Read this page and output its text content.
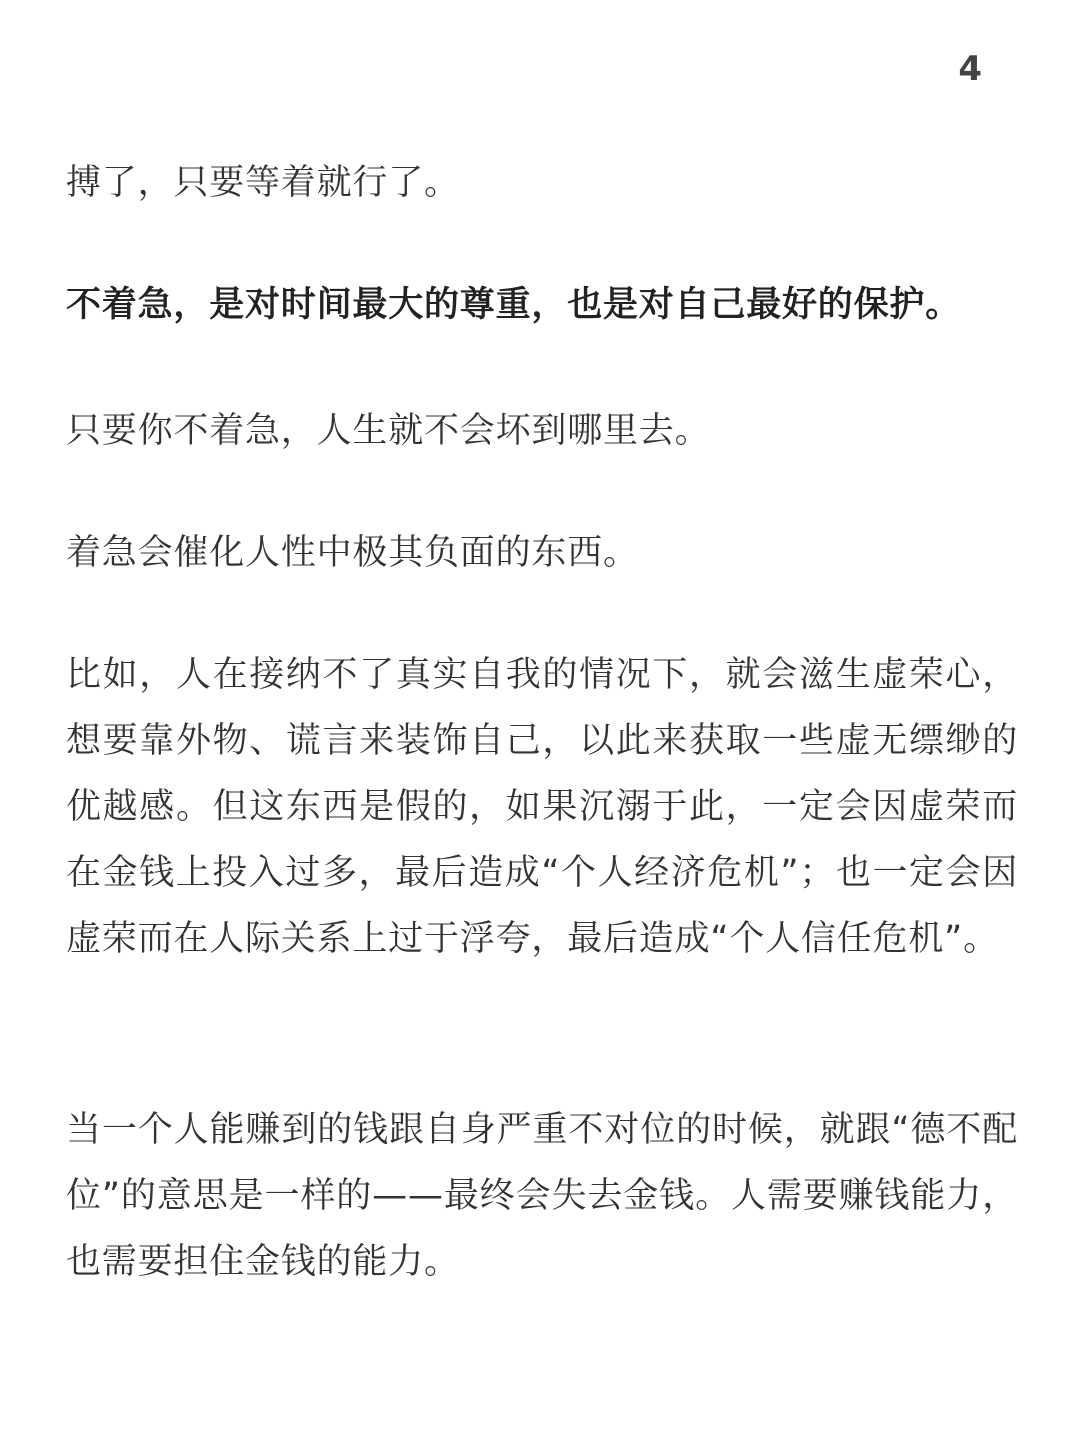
4

搏了，只要等着就行了。

不着急，是对时间最大的尊重，也是对自己最好的保护。

只要你不着急，人生就不会坏到哪里去。

着急会催化人性中极其负面的东西。

比如，人在接纳不了真实自我的情况下，就会滋生虚荣心，想要靠外物、谎言来装饰自己，以此来获取一些虚无缥缈的优越感。但这东西是假的，如果沉溺于此，一定会因虚荣而在金钱上投入过多，最后造成“个人经济危机”；也一定会因虚荣而在人际关系上过于浮夸，最后造成“个人信任危机”。

当一个人能赚到的钱跟自身严重不对位的时候，就跟“德不配位”的意思是一样的——最终会失去金钱。人需要赚钱能力，也需要担住金钱的能力。
